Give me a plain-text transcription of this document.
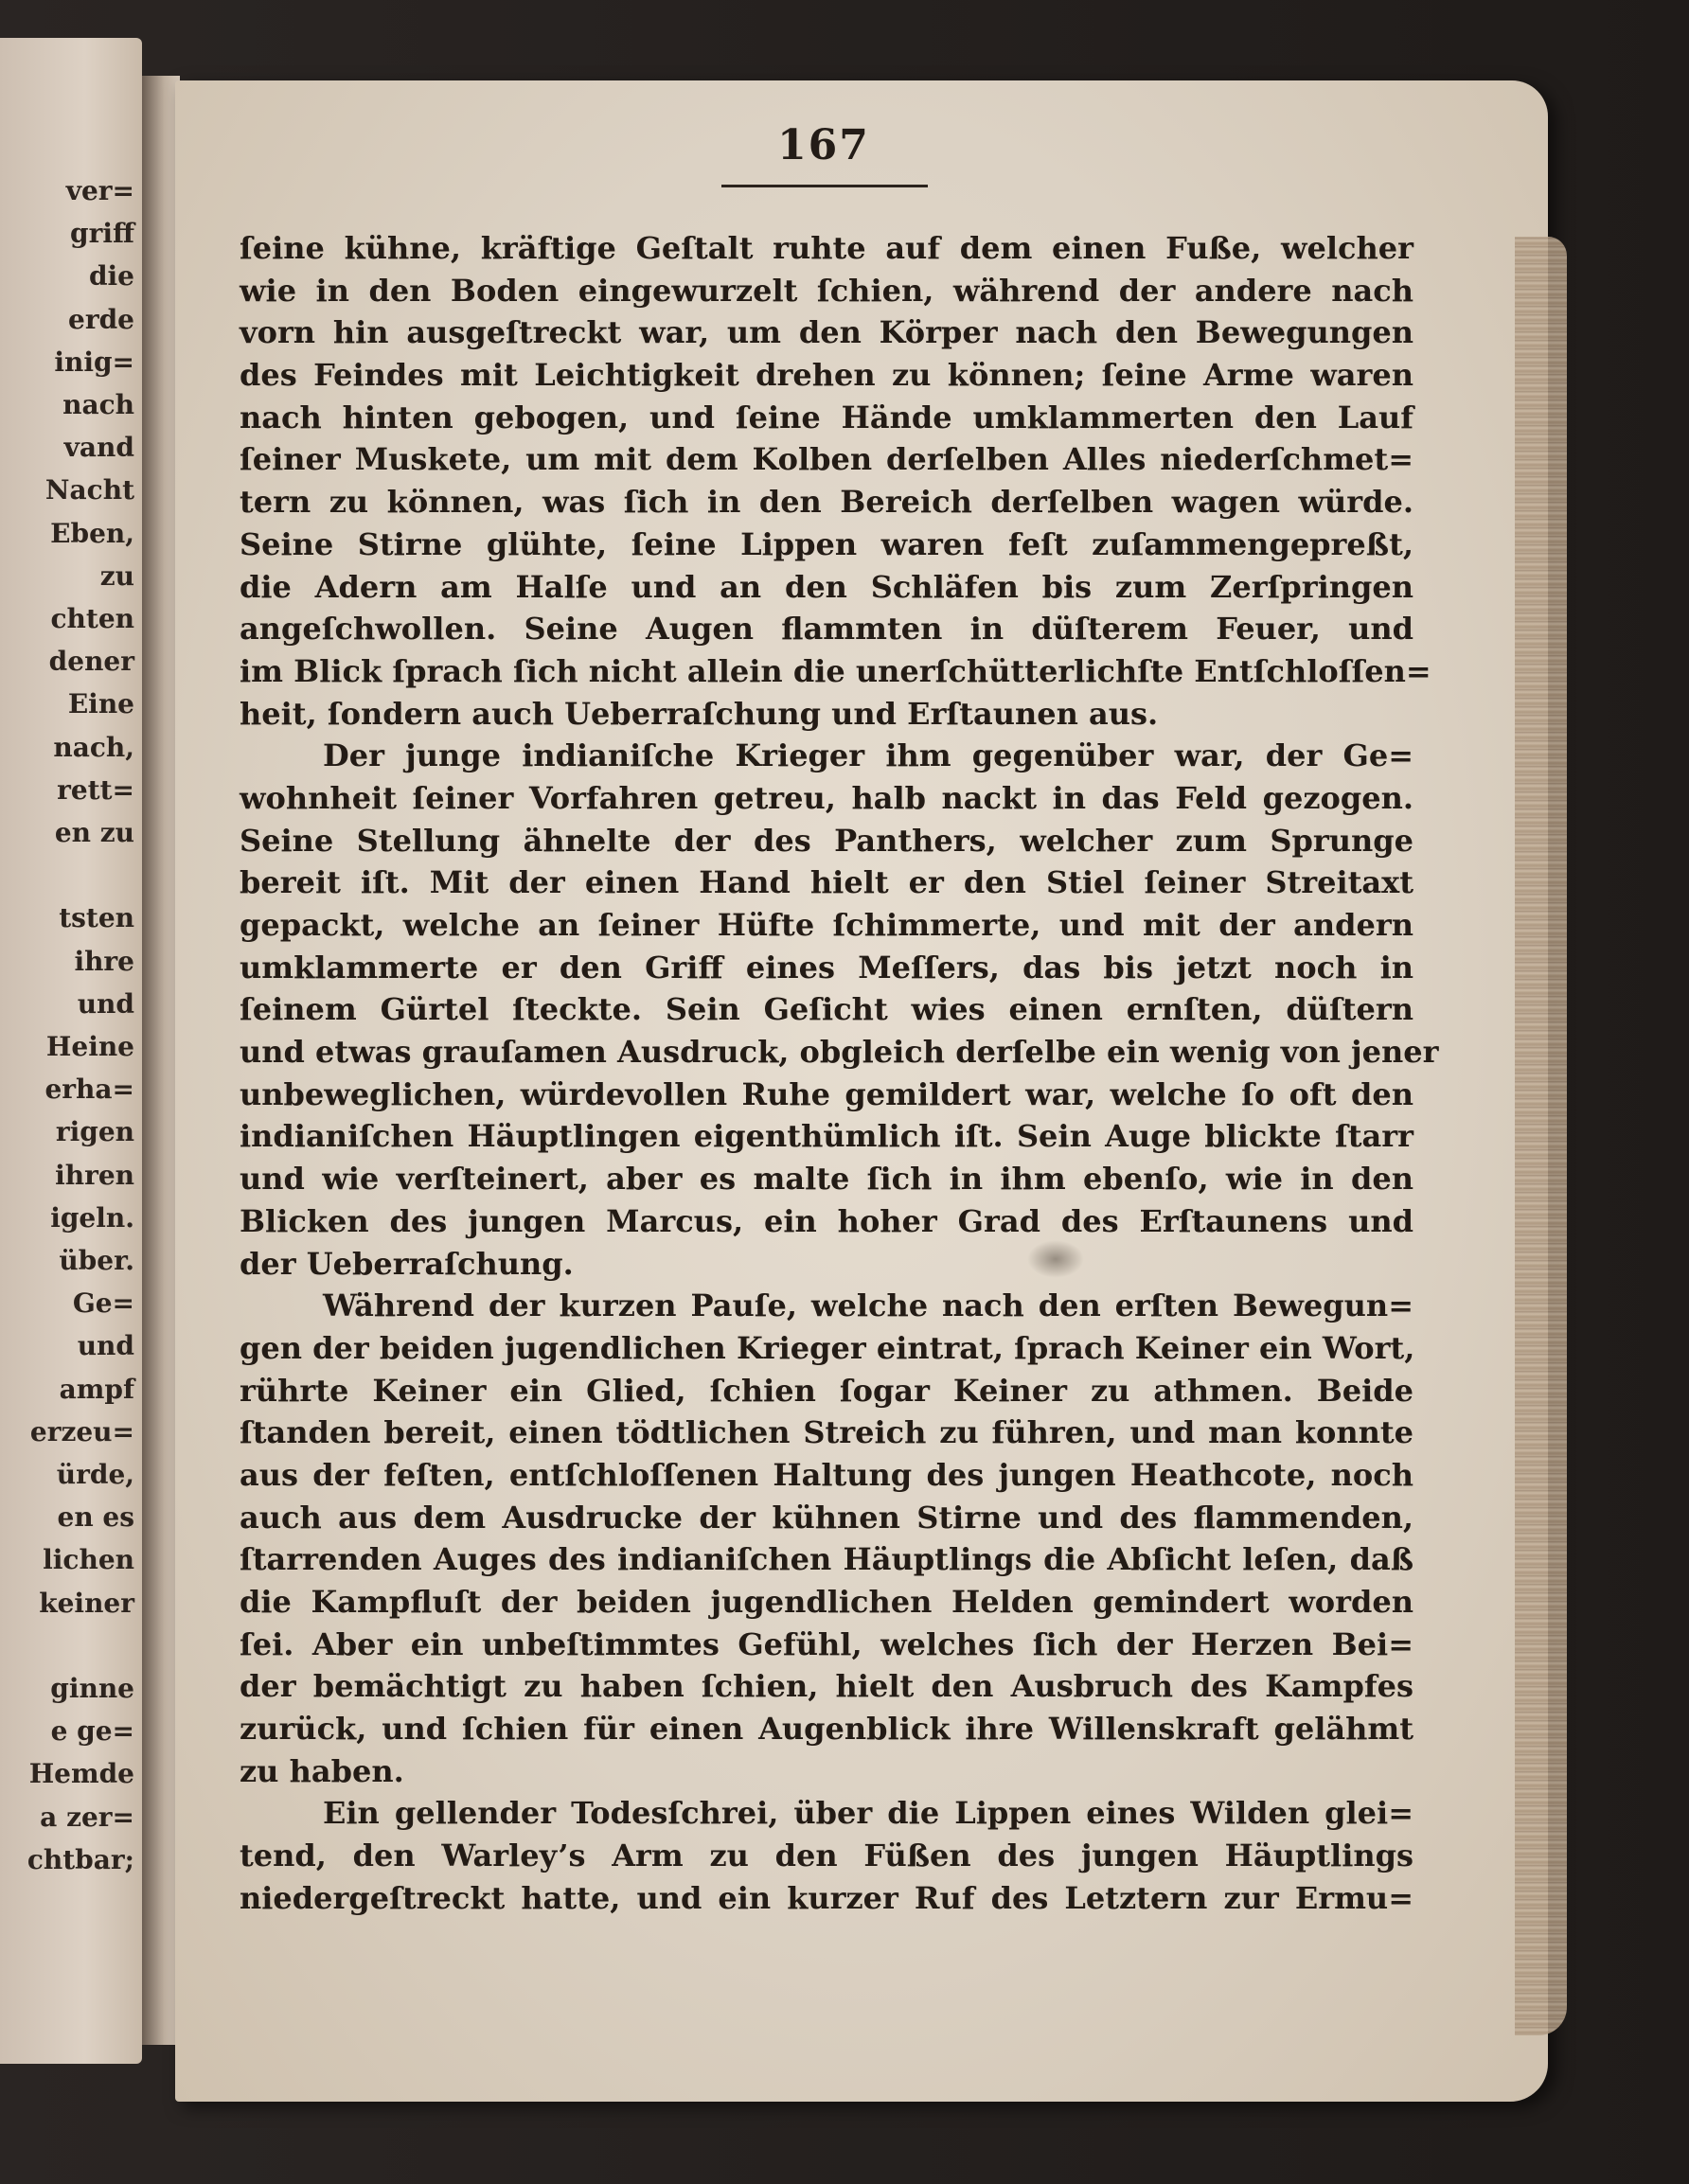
ver=
griff
die
erde
inig=
nach
vand
Nacht
Eben,
zu
chten
dener
Eine
nach,
rett=
en zu
tsten
ihre
und
Heine
erha=
rigen
ihren
igeln.
über.
Ge=
und
ampf
erzeu=
ürde,
en es
lichen
keiner
ginne
e ge=
Hemde
a zer=
chtbar;
167
ſeine kühne, kräftige Geſtalt ruhte auf dem einen Fuße, welcher
wie in den Boden eingewurzelt ſchien, während der andere nach
vorn hin ausgeſtreckt war, um den Körper nach den Bewegungen
des Feindes mit Leichtigkeit drehen zu können; ſeine Arme waren
nach hinten gebogen, und ſeine Hände umklammerten den Lauf
ſeiner Muskete, um mit dem Kolben derſelben Alles niederſchmet=
tern zu können, was ſich in den Bereich derſelben wagen würde.
Seine Stirne glühte, ſeine Lippen waren feſt zuſammengepreßt,
die Adern am Halſe und an den Schläfen bis zum Zerſpringen
angeſchwollen. Seine Augen flammten in düſterem Feuer, und
im Blick ſprach ſich nicht allein die unerſchütterlichſte Entſchloſſen=
heit, ſondern auch Ueberraſchung und Erſtaunen aus.
Der junge indianiſche Krieger ihm gegenüber war, der Ge=
wohnheit ſeiner Vorfahren getreu, halb nackt in das Feld gezogen.
Seine Stellung ähnelte der des Panthers, welcher zum Sprunge
bereit iſt. Mit der einen Hand hielt er den Stiel ſeiner Streitaxt
gepackt, welche an ſeiner Hüfte ſchimmerte, und mit der andern
umklammerte er den Griff eines Meſſers, das bis jetzt noch in
ſeinem Gürtel ſteckte. Sein Geſicht wies einen ernſten, düſtern
und etwas grauſamen Ausdruck, obgleich derſelbe ein wenig von jener
unbeweglichen, würdevollen Ruhe gemildert war, welche ſo oft den
indianiſchen Häuptlingen eigenthümlich iſt. Sein Auge blickte ſtarr
und wie verſteinert, aber es malte ſich in ihm ebenſo, wie in den
Blicken des jungen Marcus, ein hoher Grad des Erſtaunens und
der Ueberraſchung.
Während der kurzen Pauſe, welche nach den erſten Bewegun=
gen der beiden jugendlichen Krieger eintrat, ſprach Keiner ein Wort,
rührte Keiner ein Glied, ſchien ſogar Keiner zu athmen. Beide
ſtanden bereit, einen tödtlichen Streich zu führen, und man konnte
aus der feſten, entſchloſſenen Haltung des jungen Heathcote, noch
auch aus dem Ausdrucke der kühnen Stirne und des flammenden,
ſtarrenden Auges des indianiſchen Häuptlings die Abſicht leſen, daß
die Kampfluſt der beiden jugendlichen Helden gemindert worden
ſei. Aber ein unbeſtimmtes Gefühl, welches ſich der Herzen Bei=
der bemächtigt zu haben ſchien, hielt den Ausbruch des Kampfes
zurück, und ſchien für einen Augenblick ihre Willenskraft gelähmt
zu haben.
Ein gellender Todesſchrei, über die Lippen eines Wilden glei=
tend, den Warley’s Arm zu den Füßen des jungen Häuptlings
niedergeſtreckt hatte, und ein kurzer Ruf des Letztern zur Ermu=
